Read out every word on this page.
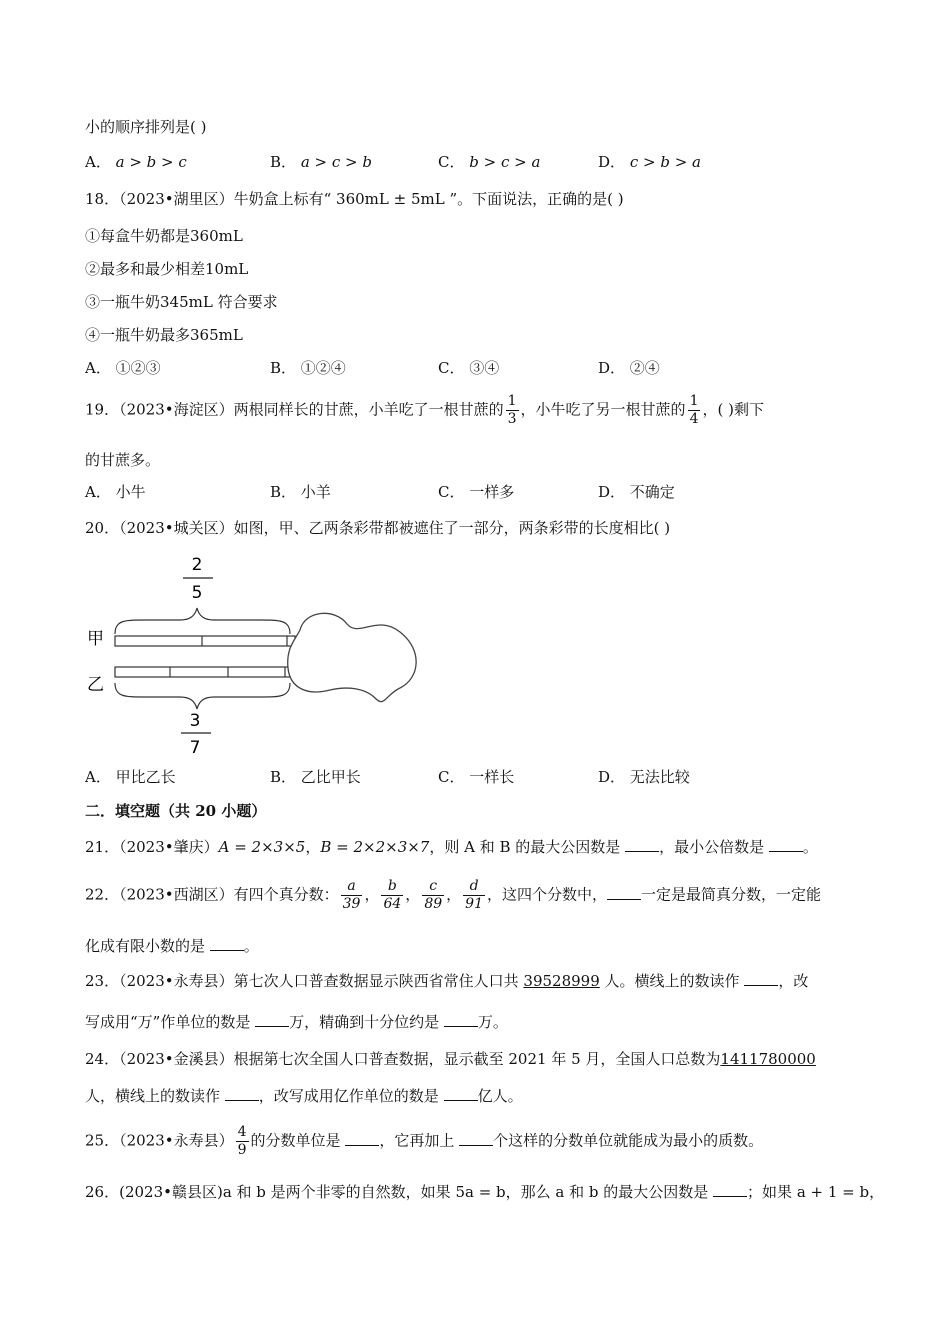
小的顺序排列是( )
A． a > b > c	B． a > c > b	C． b > c > a	D． c > b > a
18．（2023•湖里区）牛奶盒上标有“ 360mL ± 5mL ”。下面说法，正确的是( )
①每盒牛奶都是360mL
②最多和最少相差10mL
③一瓶牛奶345mL 符合要求
④一瓶牛奶最多365mL
A． ①②③	B． ①②④	C． ③④	D． ②④
19．（2023•海淀区）两根同样长的甘蔗，小羊吃了一根甘蔗的 $\frac{1}{3}$ ，小牛吃了另一根甘蔗的 $\frac{1}{4}$ ，( )剩下
的甘蔗多。
A． 小牛	B． 小羊	C． 一样多	D． 不确定
20．（2023•城关区）如图，甲、乙两条彩带都被遮住了一部分，两条彩带的长度相比( )
2
5
甲
乙
3
7
A． 甲比乙长	B． 乙比甲长	C． 一样长	D． 无法比较
二．填空题（共 20 小题）
21．（2023•肇庆）A = 2×3×5，B = 2×2×3×7，则 A 和 B 的最大公因数是	，最小公倍数是	。
22．（2023•西湖区）有四个真分数： $\frac{a}{39}$ ， $\frac{b}{64}$ ， $\frac{c}{89}$ ， $\frac{d}{91}$ ，这四个分数中， 一定是最简真分数，一定能
化成有限小数的是	。
23．（2023•永寿县）第七次人口普查数据显示陕西省常住人口共 39528999 人。横线上的数读作	，改
写成用“万”作单位的数是	万，精确到十分位约是	万。
24．（2023•金溪县）根据第七次全国人口普查数据，显示截至 2021 年 5 月，全国人口总数为1411780000
人，横线上的数读作	，改写成用亿作单位的数是	亿人。
25．（2023•永寿县） $\frac{4}{9}$ 的分数单位是	，它再加上	个这样的分数单位就能成为最小的质数。
26．(2023•赣县区)a 和 b 是两个非零的自然数，如果 5a = b，那么 a 和 b 的最大公因数是	；如果 a + 1 = b，
